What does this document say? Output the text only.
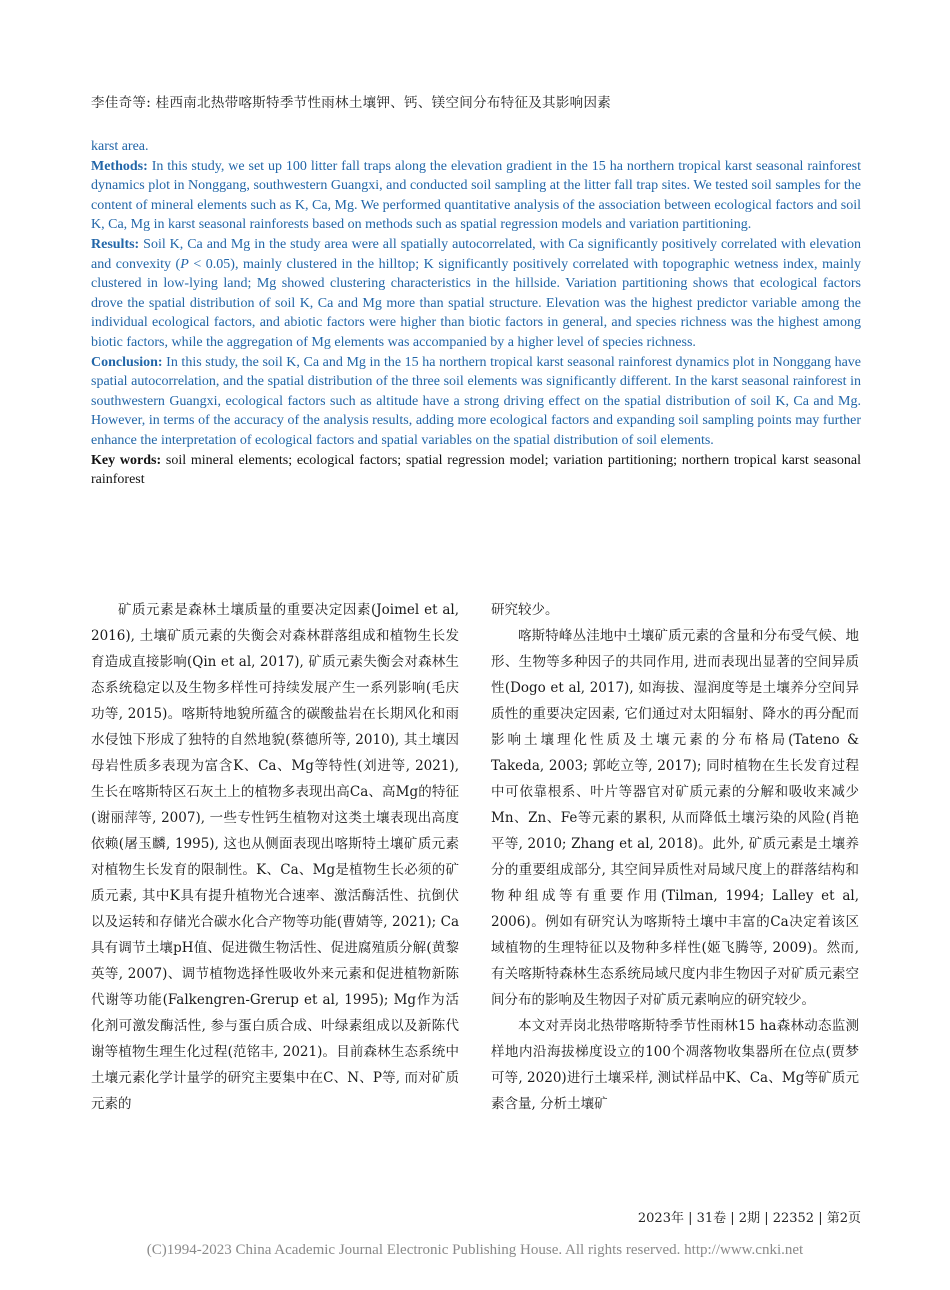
李佳奇等: 桂西南北热带喀斯特季节性雨林土壤钾、钙、镁空间分布特征及其影响因素

karst area.

Methods: In this study, we set up 100 litter fall traps along the elevation gradient in the 15 ha northern tropical karst seasonal rainforest dynamics plot in Nonggang, southwestern Guangxi, and conducted soil sampling at the litter fall trap sites. We tested soil samples for the content of mineral elements such as K, Ca, Mg. We performed quantitative analysis of the association between ecological factors and soil K, Ca, Mg in karst seasonal rainforests based on methods such as spatial regression models and variation partitioning.

Results: Soil K, Ca and Mg in the study area were all spatially autocorrelated, with Ca significantly positively correlated with elevation and convexity (P < 0.05), mainly clustered in the hilltop; K significantly positively correlated with topographic wetness index, mainly clustered in low-lying land; Mg showed clustering characteristics in the hillside. Variation partitioning shows that ecological factors drove the spatial distribution of soil K, Ca and Mg more than spatial structure. Elevation was the highest predictor variable among the individual ecological factors, and abiotic factors were higher than biotic factors in general, and species richness was the highest among biotic factors, while the aggregation of Mg elements was accompanied by a higher level of species richness.

Conclusion: In this study, the soil K, Ca and Mg in the 15 ha northern tropical karst seasonal rainforest dynamics plot in Nonggang have spatial autocorrelation, and the spatial distribution of the three soil elements was significantly different. In the karst seasonal rainforest in southwestern Guangxi, ecological factors such as altitude have a strong driving effect on the spatial distribution of soil K, Ca and Mg. However, in terms of the accuracy of the analysis results, adding more ecological factors and expanding soil sampling points may further enhance the interpretation of ecological factors and spatial variables on the spatial distribution of soil elements.

Key words: soil mineral elements; ecological factors; spatial regression model; variation partitioning; northern tropical karst seasonal rainforest

矿质元素是森林土壤质量的重要决定因素(Joimel et al, 2016), 土壤矿质元素的失衡会对森林群落组成和植物生长发育造成直接影响(Qin et al, 2017), 矿质元素失衡会对森林生态系统稳定以及生物多样性可持续发展产生一系列影响(毛庆功等, 2015)。喀斯特地貌所蕴含的碳酸盐岩在长期风化和雨水侵蚀下形成了独特的自然地貌(蔡德所等, 2010), 其土壤因母岩性质多表现为富含K、Ca、Mg等特性(刘进等, 2021), 生长在喀斯特区石灰土上的植物多表现出高Ca、高Mg的特征(谢丽萍等, 2007), 一些专性钙生植物对这类土壤表现出高度依赖(屠玉麟, 1995), 这也从侧面表现出喀斯特土壤矿质元素对植物生长发育的限制性。K、Ca、Mg是植物生长必须的矿质元素, 其中K具有提升植物光合速率、激活酶活性、抗倒伏以及运转和存储光合碳水化合产物等功能(曹婧等, 2021); Ca具有调节土壤pH值、促进微生物活性、促进腐殖质分解(黄黎英等, 2007)、调节植物选择性吸收外来元素和促进植物新陈代谢等功能(Falkengren-Grerup et al, 1995); Mg作为活化剂可激发酶活性, 参与蛋白质合成、叶绿素组成以及新陈代谢等植物生理生化过程(范铭丰, 2021)。目前森林生态系统中土壤元素化学计量学的研究主要集中在C、N、P等, 而对矿质元素的

研究较少。

喀斯特峰丛洼地中土壤矿质元素的含量和分布受气候、地形、生物等多种因子的共同作用, 进而表现出显著的空间异质性(Dogo et al, 2017), 如海拔、湿润度等是土壤养分空间异质性的重要决定因素, 它们通过对太阳辐射、降水的再分配而影响土壤理化性质及土壤元素的分布格局(Tateno & Takeda, 2003; 郭屹立等, 2017); 同时植物在生长发育过程中可依靠根系、叶片等器官对矿质元素的分解和吸收来减少Mn、Zn、Fe等元素的累积, 从而降低土壤污染的风险(肖艳平等, 2010; Zhang et al, 2018)。此外, 矿质元素是土壤养分的重要组成部分, 其空间异质性对局域尺度上的群落结构和物种组成等有重要作用(Tilman, 1994; Lalley et al, 2006)。例如有研究认为喀斯特土壤中丰富的Ca决定着该区域植物的生理特征以及物种多样性(姬飞腾等, 2009)。然而, 有关喀斯特森林生态系统局域尺度内非生物因子对矿质元素空间分布的影响及生物因子对矿质元素响应的研究较少。

本文对弄岗北热带喀斯特季节性雨林15 ha森林动态监测样地内沿海拔梯度设立的100个凋落物收集器所在位点(贾梦可等, 2020)进行土壤采样, 测试样品中K、Ca、Mg等矿质元素含量, 分析土壤矿

2023年 | 31卷 | 2期 | 22352 | 第2页
(C)1994-2023 China Academic Journal Electronic Publishing House. All rights reserved. http://www.cnki.net
